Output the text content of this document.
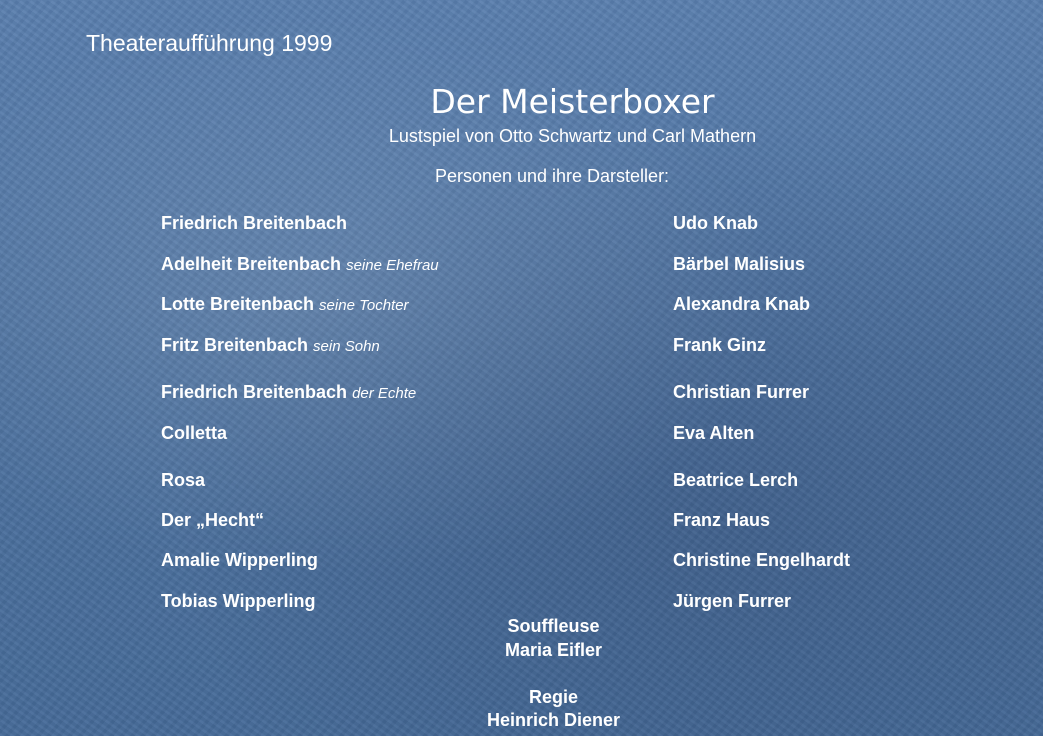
Theateraufführung 1999
Der Meisterboxer
Lustspiel von Otto Schwartz und Carl Mathern
Personen und ihre Darsteller:
Friedrich Breitenbach	Udo Knab
Adelheit Breitenbach seine Ehefrau	Bärbel Malisius
Lotte Breitenbach seine Tochter	Alexandra Knab
Fritz Breitenbach sein Sohn	Frank Ginz
Friedrich Breitenbach der Echte	Christian Furrer
Colletta	Eva Alten
Rosa	Beatrice Lerch
Der „Hecht“	Franz Haus
Amalie Wipperling	Christine Engelhardt
Tobias Wipperling	Jürgen Furrer
Souffleuse
Maria Eifler
Regie
Heinrich Diener
